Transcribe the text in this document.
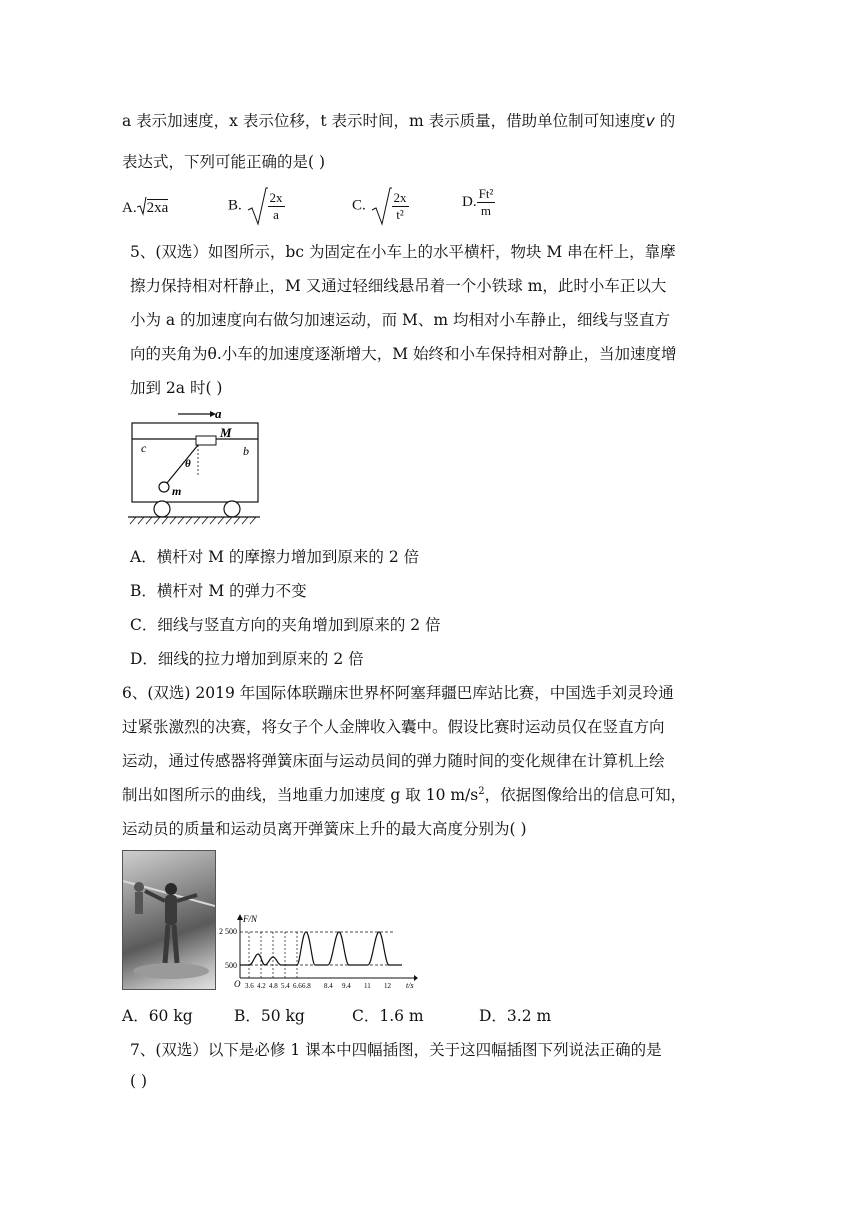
a 表示加速度，x 表示位移，t 表示时间，m 表示质量，借助单位制可知速度v 的
表达式，下列可能正确的是( )
A. 2xa	B. $\frac{2x}{a}$	C. $\frac{2x}{\text{t²}}$	D. $\frac{\text{Ft²}}{m}$
5、(双选）如图所示，bc 为固定在小车上的水平横杆，物块 M 串在杆上，靠摩
擦力保持相对杆静止，M 又通过轻细线悬吊着一个小铁球 m，此时小车正以大
小为 a 的加速度向右做匀加速运动，而 M、m 均相对小车静止，细线与竖直方
向的夹角为θ.小车的加速度逐渐增大，M 始终和小车保持相对静止，当加速度增
加到 2a 时( )
a
M
c	b
θ
m
A．横杆对 M 的摩擦力增加到原来的 2 倍
B．横杆对 M 的弹力不变
C．细线与竖直方向的夹角增加到原来的 2 倍
D．细线的拉力增加到原来的 2 倍
6、(双选) 2019 年国际体联蹦床世界杯阿塞拜疆巴库站比赛，中国选手刘灵玲通
过紧张激烈的决赛，将女子个人金牌收入囊中。假设比赛时运动员仅在竖直方向
运动，通过传感器将弹簧床面与运动员间的弹力随时间的变化规律在计算机上绘
制出如图所示的曲线，当地重力加速度 g 取 10 $m/s^2$，依据图像给出的信息可知，
运动员的质量和运动员离开弹簧床上升的最大高度分别为( )
F/N
t/s
O
2 500
500
3.6 4.2 4.8 5.4 6.6 6.8 8.4 9.4 11 12
A．60 kg	B．50 kg	C．1.6 m	D．3.2 m
7、(双选）以下是必修 1 课本中四幅插图，关于这四幅插图下列说法正确的是
( )
